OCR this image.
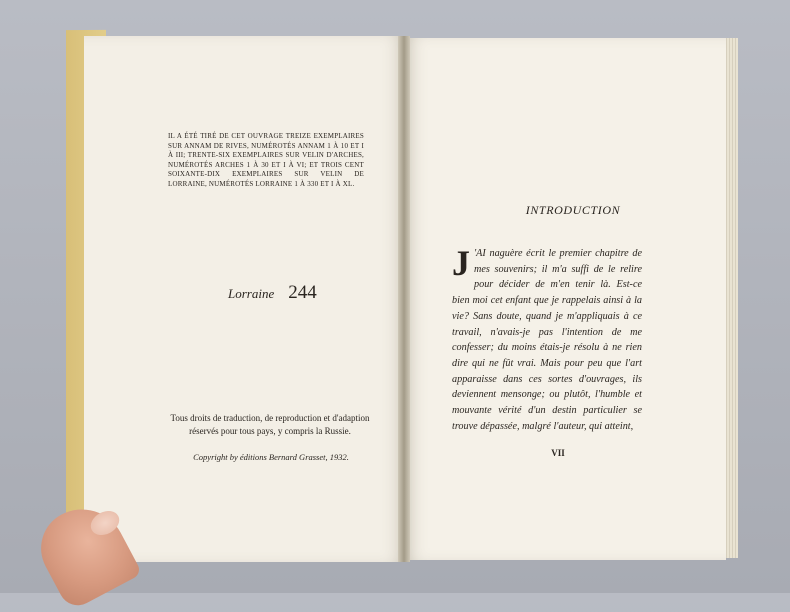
IL A ÉTÉ TIRÉ DE CET OUVRAGE TREIZE EXEMPLAIRES SUR ANNAM DE RIVES, NUMÉROTÉS ANNAM 1 À 10 ET I À III; TRENTE-SIX EXEMPLAIRES SUR VELIN D'ARCHES, NUMÉROTÉS ARCHES 1 À 30 ET I À VI; ET TROIS CENT SOIXANTE-DIX EXEMPLAIRES SUR VELIN DE LORRAINE, NUMÉROTÉS LORRAINE 1 À 330 ET I À XL.
Lorraine 244
Tous droits de traduction, de reproduction et d'adaption réservés pour tous pays, y compris la Russie.
Copyright by éditions Bernard Grasset, 1932.
INTRODUCTION
J 'AI naguère écrit le premier chapitre de mes souvenirs; il m'a suffi de le relire pour décider de m'en tenir là. Est-ce bien moi cet enfant que je rappelais ainsi à la vie? Sans doute, quand je m'appliquais à ce travail, n'avais-je pas l'intention de me confesser; du moins étais-je résolu à ne rien dire qui ne fût vrai. Mais pour peu que l'art apparaisse dans ces sortes d'ouvrages, ils deviennent mensonge; ou plutôt, l'humble et mouvante vérité d'un destin particulier se trouve dépassée, malgré l'auteur, qui atteint,
VII
